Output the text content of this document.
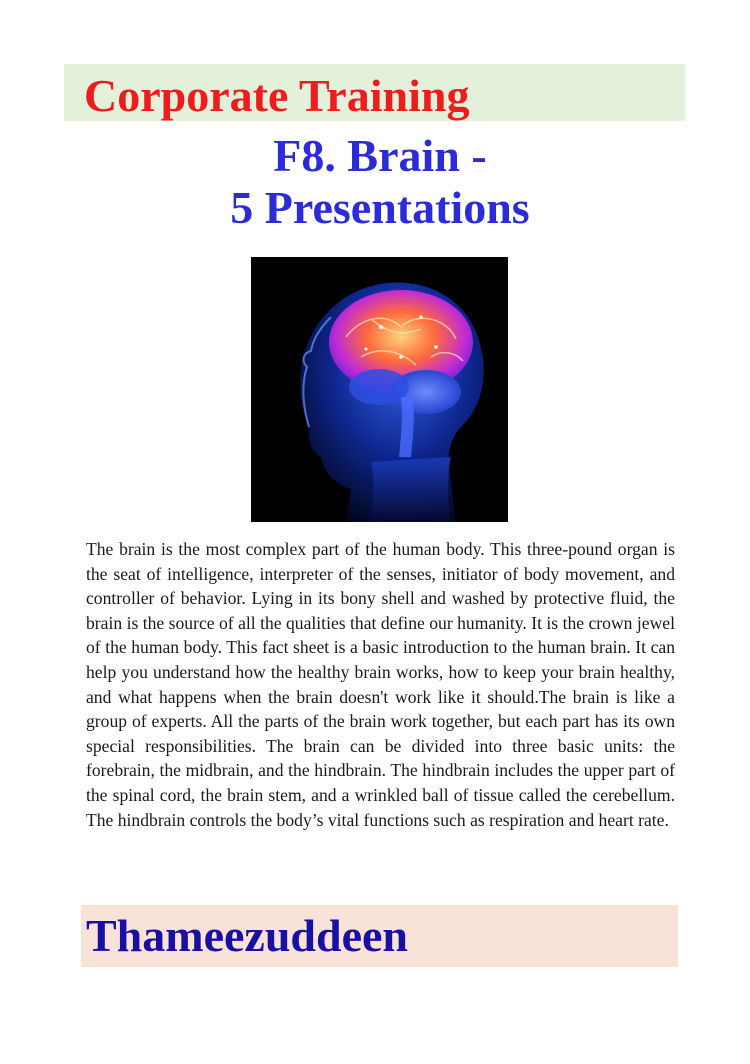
Corporate Training
F8. Brain -
5 Presentations

The brain is the most complex part of the human body. This three-pound organ is the seat of intelligence, interpreter of the senses, initiator of body movement, and controller of behavior. Lying in its bony shell and washed by protective fluid, the brain is the source of all the qualities that define our humanity. It is the crown jewel of the human body. This fact sheet is a basic introduction to the human brain. It can help you understand how the healthy brain works, how to keep your brain healthy, and what happens when the brain doesn't work like it should.The brain is like a group of experts. All the parts of the brain work together, but each part has its own special responsibilities. The brain can be divided into three basic units: the forebrain, the midbrain, and the hindbrain. The hindbrain includes the upper part of the spinal cord, the brain stem, and a wrinkled ball of tissue called the cerebellum. The hindbrain controls the body’s vital functions such as respiration and heart rate.

Thameezuddeen
